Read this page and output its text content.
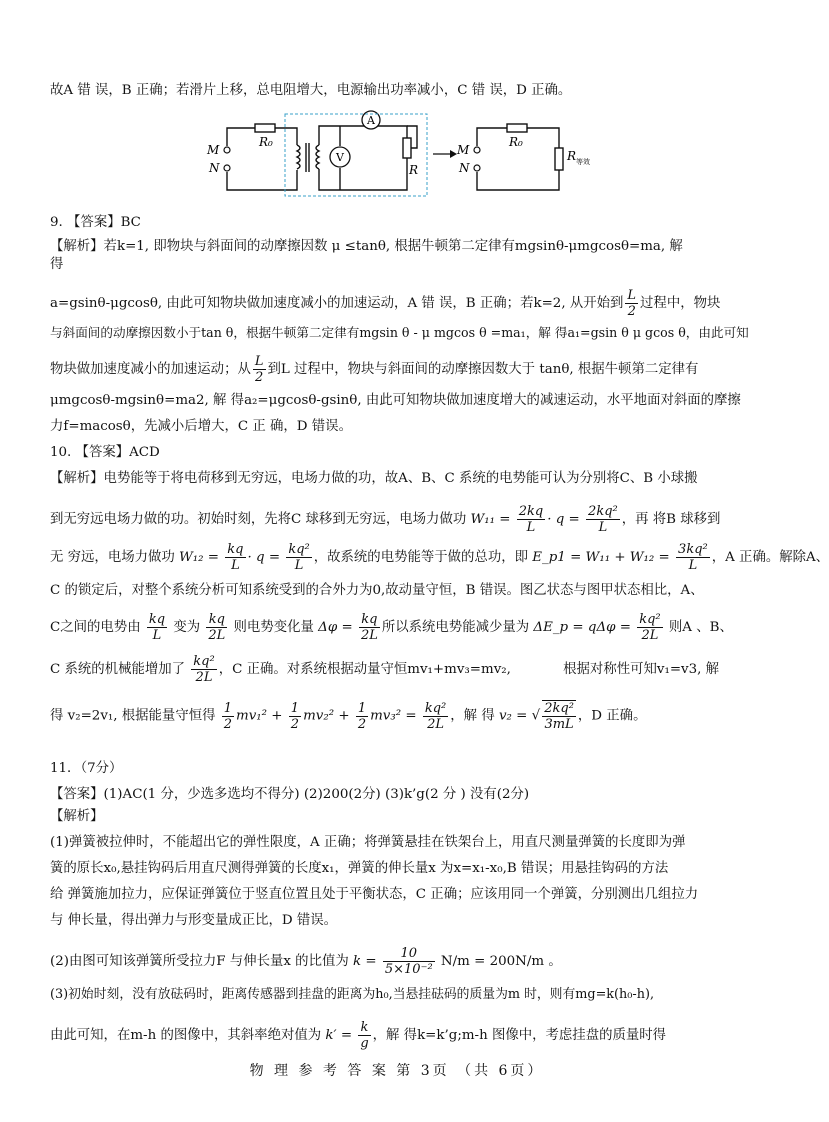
故A 错 误，B 正确；若滑片上移，总电阻增大，电源输出功率减小，C 错 误，D 正确。
V
A
M
N
R₀
R
M
N
R₀
R 等效
9. 【答案】BC
【解析】若k=1, 即物块与斜面间的动摩擦因数 μ ≤tanθ, 根据牛顿第二定律有mgsinθ-μmgcosθ=ma, 解
得
a=gsinθ-μgcosθ, 由此可知物块做加速度减小的加速运动，A 错 误，B 正确；若k=2, 从开始到 $\frac{L}{2}$ 过程中，物块
与斜面间的动摩擦因数小于tan θ，根据牛顿第二定律有mgsin θ - μ mgcos θ =ma₁，解 得a₁=gsin θ μ gcos θ，由此可知
物块做加速度减小的加速运动；从 $\frac{L}{2}$ 到L 过程中，物块与斜面间的动摩擦因数大于 tanθ, 根据牛顿第二定律有
μmgcosθ-mgsinθ=ma2, 解 得a₂=μgcosθ-gsinθ, 由此可知物块做加速度增大的减速运动，水平地面对斜面的摩擦
力f=macosθ，先减小后增大，C 正 确，D 错误。
10. 【答案】ACD
【解析】电势能等于将电荷移到无穷远，电场力做的功，故A、B、C 系统的电势能可认为分别将C、B 小球搬
到无穷远电场力做的功。初始时刻，先将C 球移到无穷远，电场力做功 $W_{11} = \frac{2kq}{L} \cdot q = \frac{\text{2kq²}}{L}$ ，再 将B 球移到
无 穷远，电场力做功 $W_{12} = \frac{kq}{L} \cdot q = \frac{\text{kq²}}{L}$ ，故系统的电势能等于做的总功，即 E_p1 = $W_{11} + W_{12} = \frac{\text{3kq²}}{L}$ ，A 正确。解除A、
C 的锁定后，对整个系统分析可知系统受到的合外力为0,故动量守恒，B 错误。图乙状态与图甲状态相比，A、
C之间的电势由 $\frac{kq}{L}$ 变为 $\frac{kq}{2L}$ 则电势变化量 $\Delta\varphi = \frac{kq}{2L}$ 所以系统电势能减少量为 ΔE_p = $q\Delta\varphi = \frac{\text{kq²}}{2L}$ 则A 、B、
C 系统的机械能增加了 $\frac{\text{kq²}}{2L}$ ，C 正确。对系统根据动量守恒mv₁+mv₃=mv₂,	根据对称性可知v₁=v3, 解
得 v₂=2v₁, 根据能量守恒得 $\frac{1}{2} mv_1^2 + \frac{1}{2} mv_2^2 + \frac{1}{2} mv_3^2 = \frac{\text{kq²}}{2L}$ ，解 得 v₂ = √ $\frac{\text{2kq²}}{3mL}$ ，D 正确。
11．（7分）
【答案】(1)AC(1 分，少选多选均不得分) (2)200(2分) (3)k’g(2 分 ) 没有(2分)
【解析】
(1)弹簧被拉伸时，不能超出它的弹性限度，A 正确；将弹簧悬挂在铁架台上，用直尺测量弹簧的长度即为弹
簧的原长x₀,悬挂钩码后用直尺测得弹簧的长度x₁，弹簧的伸长量x 为x=x₁-x₀,B 错误；用悬挂钩码的方法
给 弹簧施加拉力，应保证弹簧位于竖直位置且处于平衡状态，C 正确；应该用同一个弹簧，分别测出几组拉力
与 伸长量，得出弹力与形变量成正比，D 错误。
(2)由图可知该弹簧所受拉力F 与伸长量x 的比值为 $k = \frac{10}{\text{5×10⁻²}} N/m = 200N/m$ 。
(3)初始时刻，没有放砝码时，距离传感器到挂盘的距离为h₀,当悬挂砝码的质量为m 时，则有mg=k(h₀-h),
由此可知，在m-h 的图像中，其斜率绝对值为 $k' = \frac{k}{g}$ ，解 得k=k’g;m-h 图像中，考虑挂盘的质量时得
物 理 参 考 答 案 第 3页 （共 6页）
